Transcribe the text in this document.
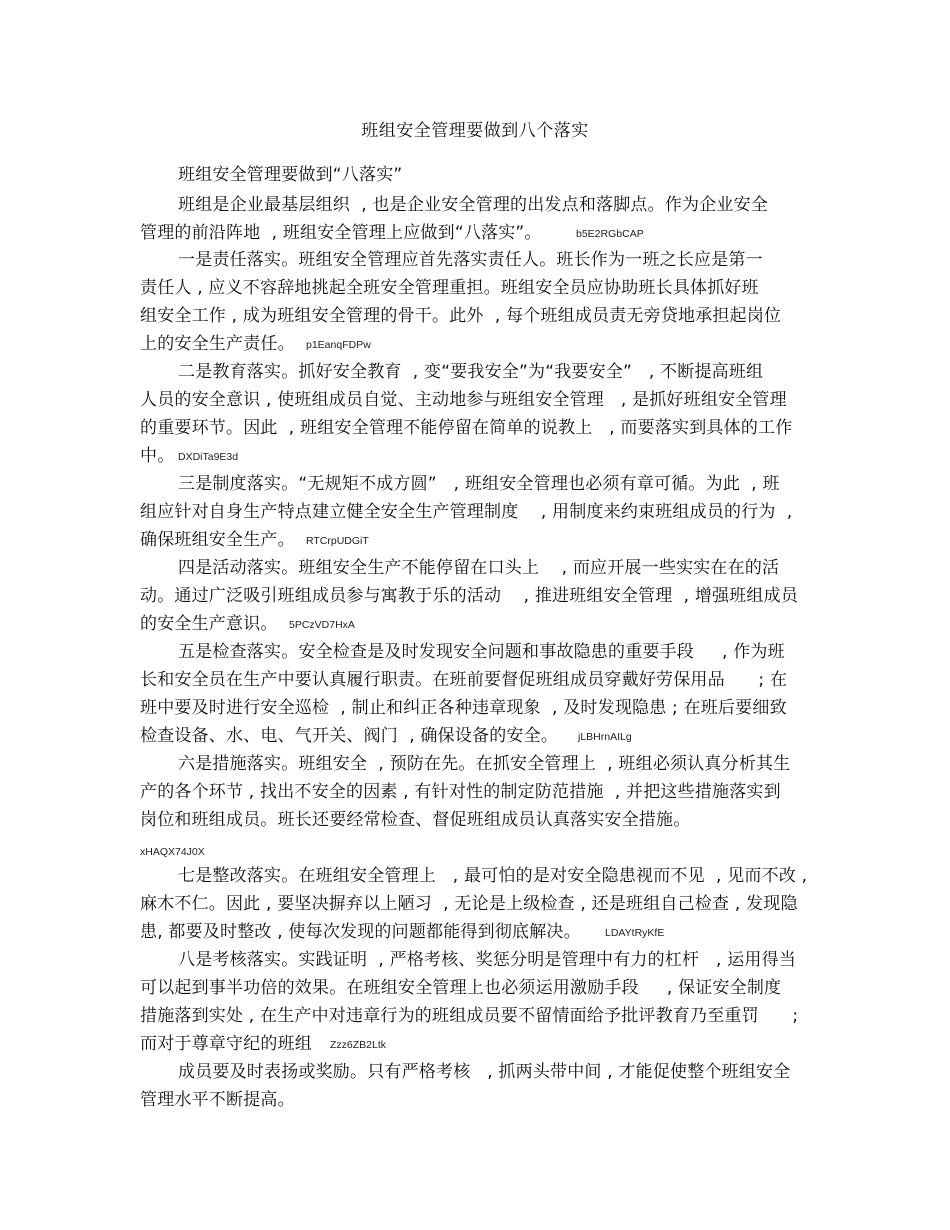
班组安全管理要做到八个落实
班组安全管理要做到“八落实”
班组是企业最基层组织  , 也是企业安全管理的出发点和落脚点。作为企业安全
管理的前沿阵地  , 班组安全管理上应做到“八落实”。	b5E2RGbCAP
一是责任落实。班组安全管理应首先落实责任人。班长作为一班之长应是第一
责任人 , 应义不容辞地挑起全班安全管理重担。班组安全员应协助班长具体抓好班
组安全工作 , 成为班组安全管理的骨干。此外  , 每个班组成员责无旁贷地承担起岗位
上的安全生产责任。 p1EanqFDPw
二是教育落实。抓好安全教育  , 变“要我安全”为“我要安全”   , 不断提高班组
人员的安全意识 , 使班组成员自觉、主动地参与班组安全管理   , 是抓好班组安全管理
的重要环节。因此  , 班组安全管理不能停留在简单的说教上   , 而要落实到具体的工作
中。 DXDiTa9E3d
三是制度落实。“无规矩不成方圆”   , 班组安全管理也必须有章可循。为此  , 班
组应针对自身生产特点建立健全安全生产管理制度    , 用制度来约束班组成员的行为  ,
确保班组安全生产。 RTCrpUDGiT
四是活动落实。班组安全生产不能停留在口头上    , 而应开展一些实实在在的活
动。通过广泛吸引班组成员参与寓教于乐的活动    , 推进班组安全管理  , 增强班组成员
的安全生产意识。 5PCzVD7HxA
五是检查落实。安全检查是及时发现安全问题和事故隐患的重要手段     , 作为班
长和安全员在生产中要认真履行职责。在班前要督促班组成员穿戴好劳保用品      ; 在
班中要及时进行安全巡检  , 制止和纠正各种违章现象  , 及时发现隐患 ; 在班后要细致
检查设备、水、电、气开关、阀门  , 确保设备的安全。 jLBHrnAILg
六是措施落实。班组安全  , 预防在先。在抓安全管理上  , 班组必须认真分析其生
产的各个环节 , 找出不安全的因素 , 有针对性的制定防范措施  , 并把这些措施落实到
岗位和班组成员。班长还要经常检查、督促班组成员认真落实安全措施。
xHAQX74J0X
七是整改落实。在班组安全管理上   , 最可怕的是对安全隐患视而不见  , 见而不改 ,
麻木不仁。因此 , 要坚决摒弃以上陋习  , 无论是上级检查 , 还是班组自己检查 , 发现隐
患, 都要及时整改 , 使每次发现的问题都能得到彻底解决。 LDAYtRyKfE
八是考核落实。实践证明  , 严格考核、奖惩分明是管理中有力的杠杆   , 运用得当
可以起到事半功倍的效果。在班组安全管理上也必须运用激励手段     , 保证安全制度
措施落到实处 , 在生产中对违章行为的班组成员要不留情面给予批评教育乃至重罚      ;
而对于尊章守纪的班组 Zzz6ZB2Ltk
成员要及时表扬或奖励。只有严格考核   , 抓两头带中间 , 才能促使整个班组安全
管理水平不断提高。
